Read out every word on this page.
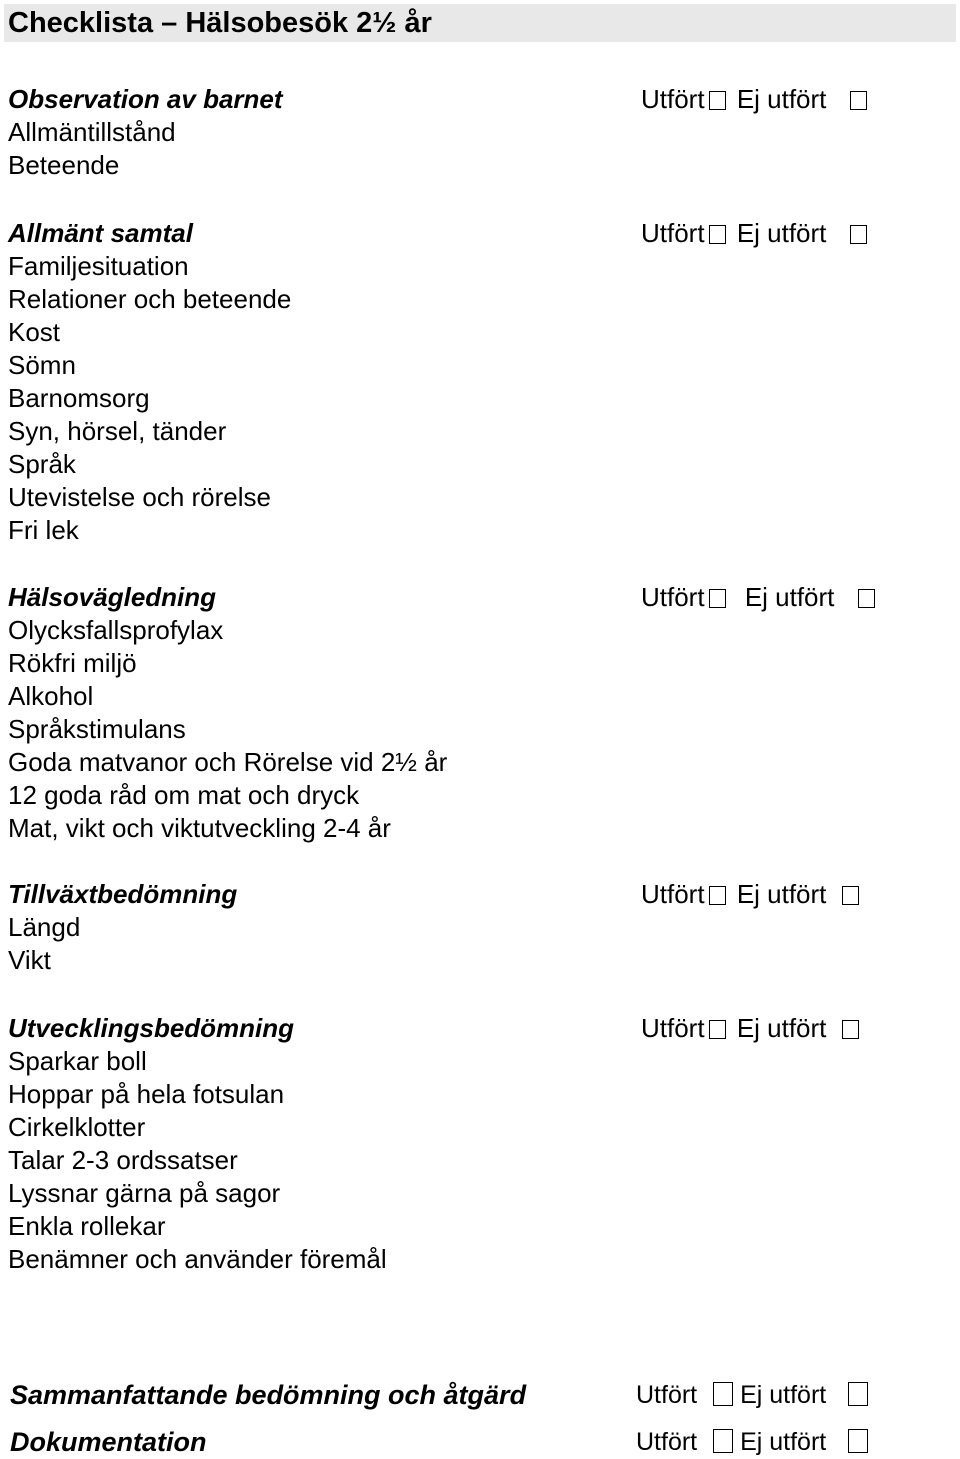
Checklista – Hälsobesök 2½ år
Observation av barnet	Utfört Ej utfört
Allmäntillstånd
Beteende
Allmänt samtal	Utfört Ej utfört
Familjesituation
Relationer och beteende
Kost
Sömn
Barnomsorg
Syn, hörsel, tänder
Språk
Utevistelse och rörelse
Fri lek
Hälsovägledning	Utfört Ej utfört
Olycksfallsprofylax
Rökfri miljö
Alkohol
Språkstimulans
Goda matvanor och Rörelse vid 2½ år
12 goda råd om mat och dryck
Mat, vikt och viktutveckling 2-4 år
Tillväxtbedömning	Utfört Ej utfört
Längd
Vikt
Utvecklingsbedömning	Utfört Ej utfört
Sparkar boll
Hoppar på hela fotsulan
Cirkelklotter
Talar 2-3 ordssatser
Lyssnar gärna på sagor
Enkla rollekar
Benämner och använder föremål
Sammanfattande bedömning och åtgärd	Utfört Ej utfört
Dokumentation	Utfört Ej utfört
